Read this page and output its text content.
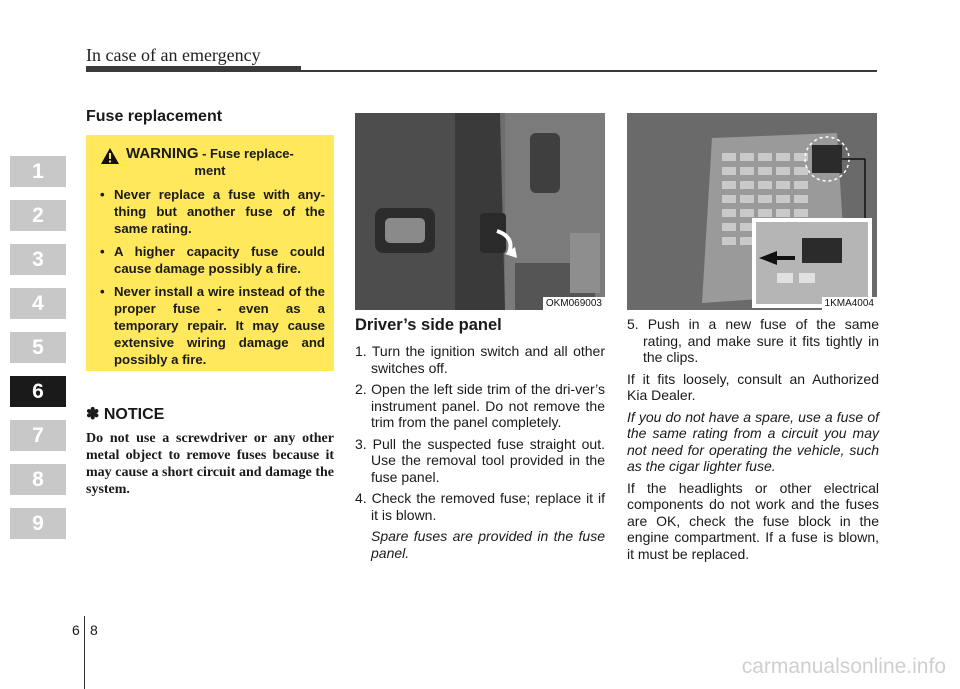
In case of an emergency
1
2
3
4
5
6
7
8
9
Fuse replacement
WARNING - Fuse replace-
ment
• Never replace a fuse with any-thing but another fuse of the same rating.
• A higher capacity fuse could cause damage possibly a fire.
• Never install a wire instead of the proper fuse - even as a temporary repair. It may cause extensive wiring damage and possibly a fire.
✽ NOTICE
Do not use a screwdriver or any other metal object to remove fuses because it may cause a short circuit and damage the system.
OKM069003	1KMA4004
Driver’s side panel
1. Turn the ignition switch and all other switches off.
2. Open the left side trim of the dri-ver’s instrument panel. Do not remove the trim from the panel completely.
3. Pull the suspected fuse straight out. Use the removal tool provided in the fuse panel.
4. Check the removed fuse; replace it if it is blown.

Spare fuses are provided in the fuse panel.

5. Push in a new fuse of the same rating, and make sure it fits tightly in the clips.

If it fits loosely, consult an Authorized Kia Dealer.

If you do not have a spare, use a fuse of the same rating from a circuit you may not need for operating the vehicle, such as the cigar lighter fuse.

If the headlights or other electrical components do not work and the fuses are OK, check the fuse block in the engine compartment. If a fuse is blown, it must be replaced.

6 8
carmanualsonline.info
